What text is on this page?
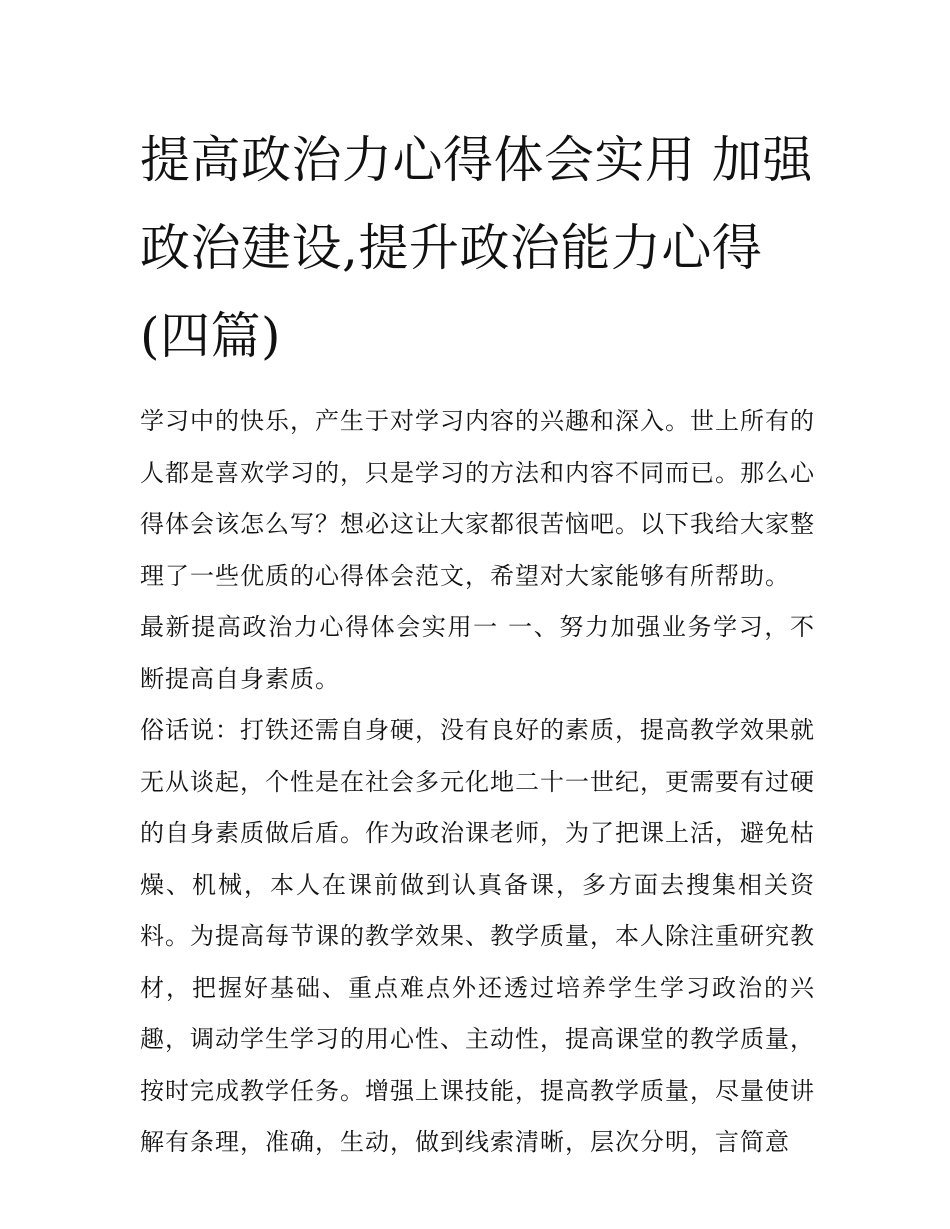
提高政治力心得体会实用 加强
政治建设,提升政治能力心得
(四篇)

学习中的快乐，产生于对学习内容的兴趣和深入。世上所有的人都是喜欢学习的，只是学习的方法和内容不同而已。那么心得体会该怎么写？想必这让大家都很苦恼吧。以下我给大家整理了一些优质的心得体会范文，希望对大家能够有所帮助。

最新提高政治力心得体会实用一 一、努力加强业务学习，不断提高自身素质。

俗话说：打铁还需自身硬，没有良好的素质，提高教学效果就无从谈起，个性是在社会多元化地二十一世纪，更需要有过硬的自身素质做后盾。作为政治课老师，为了把课上活，避免枯燥、机械，本人在课前做到认真备课，多方面去搜集相关资料。为提高每节课的教学效果、教学质量，本人除注重研究教材，把握好基础、重点难点外还透过培养学生学习政治的兴趣，调动学生学习的用心性、主动性，提高课堂的教学质量，按时完成教学任务。增强上课技能，提高教学质量，尽量使讲解有条理，准确，生动，做到线索清晰，层次分明，言简意
